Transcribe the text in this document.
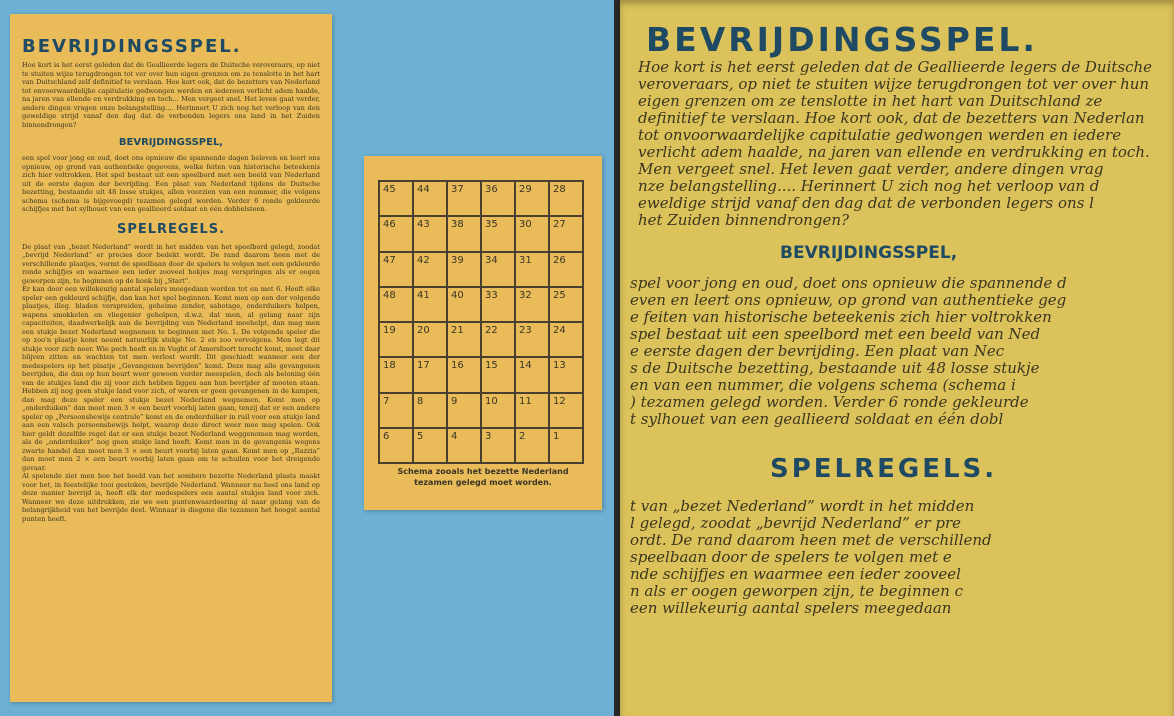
BEVRIJDINGSSPEL.

Hoe kort is het eerst geleden dat de Geallieerde legers de Duitsche veroveraars, op niet te stuiten wijze terugdrongen tot ver over hun eigen grenzen om ze tenslotte in het hart van Duitschland zelf definitief te verslaan. Hoe kort ook, dat de bezetters van Nederland tot onvoorwaardelijke capitulatie gedwongen werden en iedereen verlicht adem haalde, na jaren van ellende en verdrukking en toch... Men vergeet snel. Het leven gaat verder, andere dingen vragen onze belangstelling.... Herinnert U zich nog het verloop van den geweldige strijd vanaf den dag dat de verbonden legers ons land in het Zuiden binnendrongen?

BEVRIJDINGSSPEL,

een spel voor jong en oud, doet ons opnieuw die spannende dagen beleven en leert ons opnieuw, op grond van authentieke gegevens, welke feiten van historische beteekenis zich hier voltrokken. Het spel bestaat uit een speelbord met een beeld van Nederland uit de eerste dagen der bevrijding. Een plaat van Nederland tijdens de Duitsche bezetting, bestaande uit 48 losse stukjes, allen voorzien van een nummer, die volgens schema (schema is bijgevoegd) tezamen gelegd worden. Verder 6 ronde gekleurde schijfjes met het sylhouet van een geallieerd soldaat en één dobbelsteen.

SPELREGELS.

De plaat van „bezet Nederland” wordt in het midden van het speelbord gelegd, zoodat „bevrijd Nederland” er precies door bedekt wordt. De rand daarom heen met de verschillende plaatjes, vormt de speelbaan door de spelers te volgen met een gekleurde ronde schijfjes en waarmee een ieder zooveel hokjes mag verspringen als er oogen geworpen zijn, te beginnen op de hoek bij „Start”.

Er kan door een willekeurig aantal spelers meegedaan worden tot en met 6. Heeft elke speler een gekleurd schijfje, dan kan het spel beginnen. Komt men op een der volgende plaatjes, illeg. bladen verspreiden, geheime zender, sabotage, onderduikers helpen, wapens smokkelen en vliegenier geholpen, d.w.z. dat men, al gelang naar zijn capaciteiten, daadwerkelijk aan de bevrijding van Nederland meehelpt, dan mag men een stukje bezet Nederland wegnemen te beginnen met No. 1. De volgende speler die op zoo'n plaatje komt neemt natuurlijk stukje No. 2 en zoo vervolgens. Men legt dit stukje voor zich neer. Wie pech heeft en in Vught of Amersfoort terecht komt, moet daar blijven zitten en wachten tot men verlost wordt. Dit geschiedt wanneer een der medespelers op het plaatje „Gevangenen bevrijden” komt. Deze mag alle gevangenen bevrijden, die dan op hun beurt weer gewoon verder meespelen, doch als beloning één van de stukjes land die zij voor zich hebben liggen aan hun bevrijder af moeten staan. Hebben zij nog geen stukje land voor zich, of waren er geen gevangenen in de kampen, dan mag deze speler een stukje bezet Nederland wegnemen. Komt men op „onderduiken” dan moet men 3 × een beurt voorbij laten gaan, tenzij dat er een andere speler op „Persoonsbewijs centrale” komt en de onderduiker in ruil voor een stukje land aan een valsch persoonsbewijs helpt, waarop deze direct weer mee mag spelen. Ook hier geldt dezelfde regel dat er een stukje bezet Nederland weggenomen mag worden, als de „onderduiker” nog geen stukje land heeft. Komt men in de gevangenis wegens zwarte handel dan moet men 3 × een beurt voorbij laten gaan. Komt men op „Razzia” dan moet men 2 × een beurt voorbij laten gaan om te schuilen voor het dreigende gevaar.

Al spelende ziet men hoe het beeld van het sombere bezette Nederland plaats maakt voor het, in feestelijke tooi gestoken, bevrijde Nederland. Wanneer nu heel ons land op deze manier bevrijd is, heeft elk der medespelers een aantal stukjes land voor zich. Wanneer we deze uitdrukken, zie we een puntenwaardeering al naar gelang van de belangrijkheid van het bevrijde deel. Winnaar is diegene die tezamen het hoogst aantal punten heeft.

45	44	37	36	29	28
46	43	38	35	30	27
47	42	39	34	31	26
48	41	40	33	32	25
19	20	21	22	23	24
18	17	16	15	14	13
7	8	9	10	11	12
6	5	4	3	2	1
Schema zooals het bezette Nederland
tezamen gelegd moet worden.
BEVRIJDINGSSPEL.
Hoe kort is het eerst geleden dat de Geallieerde legers de Duitsche
veroveraars, op niet te stuiten wijze terugdrongen tot ver over hun
eigen grenzen om ze tenslotte in het hart van Duitschland ze
definitief te verslaan. Hoe kort ook, dat de bezetters van Nederlan
tot onvoorwaardelijke capitulatie gedwongen werden en iedere
verlicht adem haalde, na jaren van ellende en verdrukking en toch.
Men vergeet snel. Het leven gaat verder, andere dingen vrag
nze belangstelling.... Herinnert U zich nog het verloop van d
eweldige strijd vanaf den dag dat de verbonden legers ons l
het Zuiden binnendrongen?
BEVRIJDINGSSPEL,
spel voor jong en oud, doet ons opnieuw die spannende d
even en leert ons opnieuw, op grond van authentieke geg
e feiten van historische beteekenis zich hier voltrokken
spel bestaat uit een speelbord met een beeld van Ned
e eerste dagen der bevrijding. Een plaat van Nec
s de Duitsche bezetting, bestaande uit 48 losse stukje
en van een nummer, die volgens schema (schema i
) tezamen gelegd worden. Verder 6 ronde gekleurde
t sylhouet van een geallieerd soldaat en één dobl
SPELREGELS.
t van „bezet Nederland” wordt in het midden
l gelegd, zoodat „bevrijd Nederland” er pre
ordt. De rand daarom heen met de verschillend
speelbaan door de spelers te volgen met e
nde schijfjes en waarmee een ieder zooveel
n als er oogen geworpen zijn, te beginnen c
een willekeurig aantal spelers meegedaan
